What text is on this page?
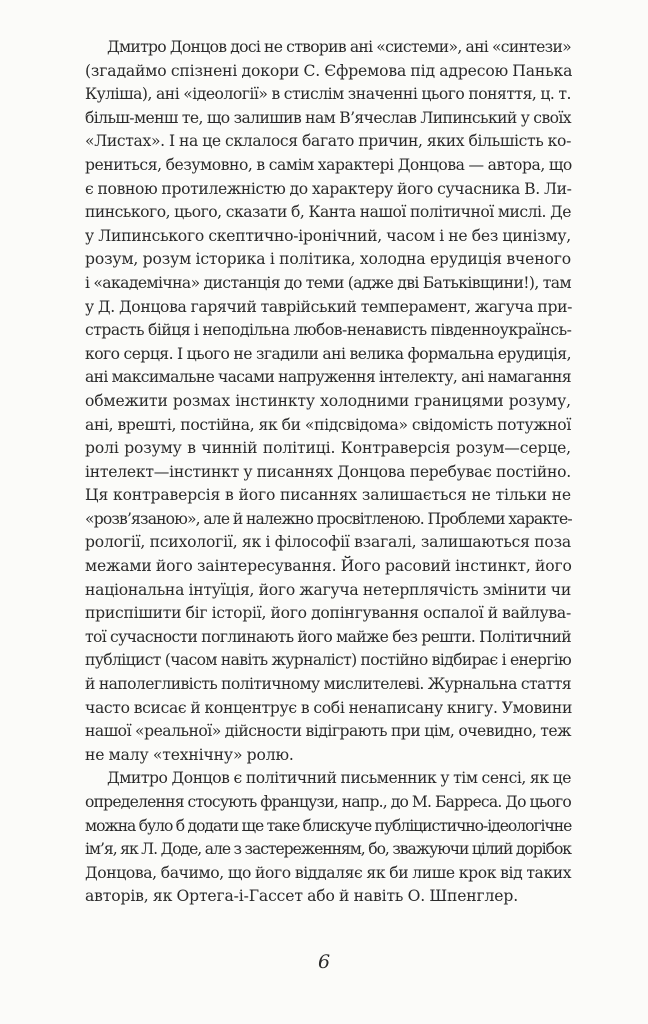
Дмитро Донцов досі не створив ані «системи», ані «синтези»
(згадаймо спізнені докори С. Єфремова під адресою Панька
Куліша), ані «ідеології» в стислім значенні цього поняття, ц. т.
більш-менш те, що залишив нам В’ячеслав Липинський у своїх
«Листах». І на це склалося багато причин, яких більшість ко-
рениться, безумовно, в самім характері Донцова — автора, що
є повною протилежністю до характеру його сучасника В. Ли-
пинського, цього, сказати б, Канта нашої політичної мислі. Де
у Липинського скептично-іронічний, часом і не без цинізму,
розум, розум історика і політика, холодна ерудиція вченого
і «академічна» дистанція до теми (адже дві Батьківщини!), там
у Д. Донцова гарячий таврійський темперамент, жагуча при-
страсть бійця і неподільна любов-ненависть південноукраїнсь-
кого серця. І цього не згадили ані велика формальна ерудиція,
ані максимальне часами напруження інтелекту, ані намагання
обмежити розмах інстинкту холодними границями розуму,
ані, врешті, постійна, як би «підсвідома» свідомість потужної
ролі розуму в чинній політиці. Контраверсія розум—серце,
інтелект—інстинкт у писаннях Донцова перебуває постійно.
Ця контраверсія в його писаннях залишається не тільки не
«розв’язаною», але й належно просвітленою. Проблеми характе-
рології, психології, як і філософії взагалі, залишаються поза
межами його заінтересування. Його расовий інстинкт, його
національна інтуїція, його жагуча нетерплячість змінити чи
приспішити біг історії, його допінгування оспалої й вайлува-
тої сучасности поглинають його майже без решти. Політичний
публіцист (часом навіть журналіст) постійно відбирає і енергію
й наполегливість політичному мислителеві. Журнальна стаття
часто всисає й концентрує в собі ненаписану книгу. Умовини
нашої «реальної» дійсности відіграють при цім, очевидно, теж
не малу «технічну» ролю.
Дмитро Донцов є політичний письменник у тім сенсі, як це
определення стосують французи, напр., до М. Барреса. До цього
можна було б додати ще таке блискуче публіцистично-ідеологічне
ім’я, як Л. Доде, але з застереженням, бо, зважуючи цілий дорібок
Донцова, бачимо, що його віддаляє як би лише крок від таких
авторів, як Ортега-і-Гассет або й навіть О. Шпенглер.
6
